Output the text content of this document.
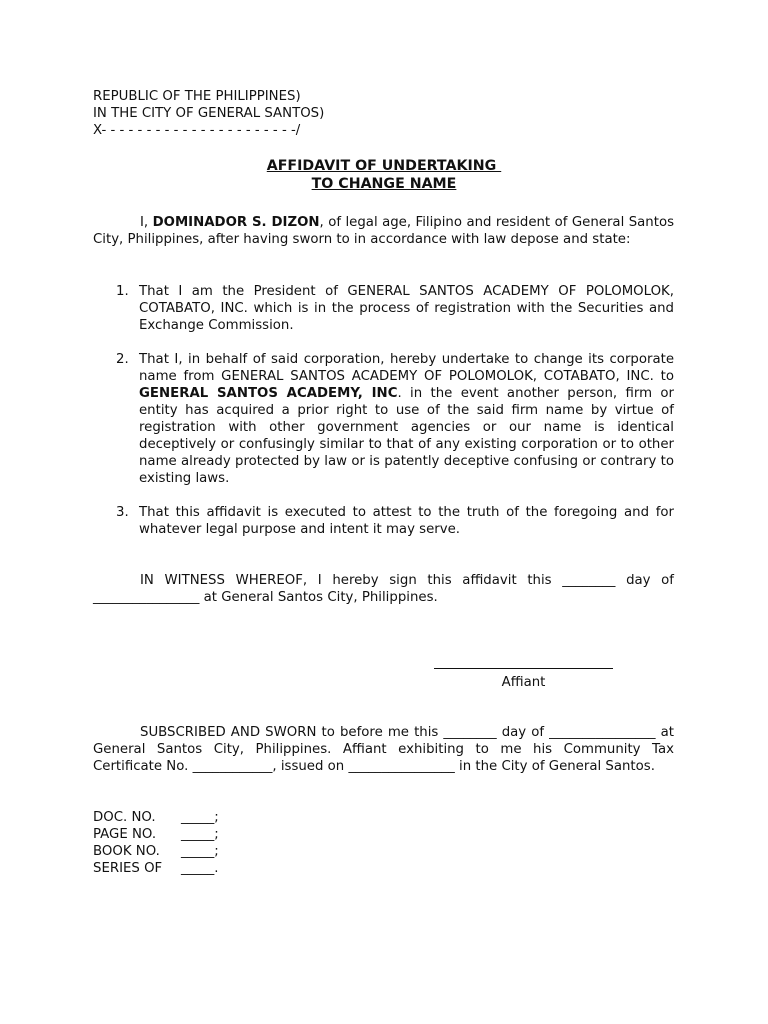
REPUBLIC OF THE PHILIPPINES)
IN THE CITY OF GENERAL SANTOS)
X- - - - - - - - - - - - - - - - - - - - - -/
AFFIDAVIT OF UNDERTAKING
TO CHANGE NAME
I, DOMINADOR S. DIZON, of legal age, Filipino and resident of General Santos City, Philippines, after having sworn to in accordance with law depose and state:
1. That I am the President of GENERAL SANTOS ACADEMY OF POLOMOLOK, COTABATO, INC. which is in the process of registration with the Securities and Exchange Commission.
2. That I, in behalf of said corporation, hereby undertake to change its corporate name from GENERAL SANTOS ACADEMY OF POLOMOLOK, COTABATO, INC. to GENERAL SANTOS ACADEMY, INC. in the event another person, firm or entity has acquired a prior right to use of the said firm name by virtue of registration with other government agencies or our name is identical deceptively or confusingly similar to that of any existing corporation or to other name already protected by law or is patently deceptive confusing or contrary to existing laws.
3. That this affidavit is executed to attest to the truth of the foregoing and for whatever legal purpose and intent it may serve.
IN WITNESS WHEREOF, I hereby sign this affidavit this ________ day of ________________ at General Santos City, Philippines.
Affiant
SUBSCRIBED AND SWORN to before me this ________ day of ________________ at General Santos City, Philippines. Affiant exhibiting to me his Community Tax Certificate No. ____________, issued on ________________ in the City of General Santos.
DOC. NO. _____;
PAGE NO. _____;
BOOK NO. _____;
SERIES OF _____.
